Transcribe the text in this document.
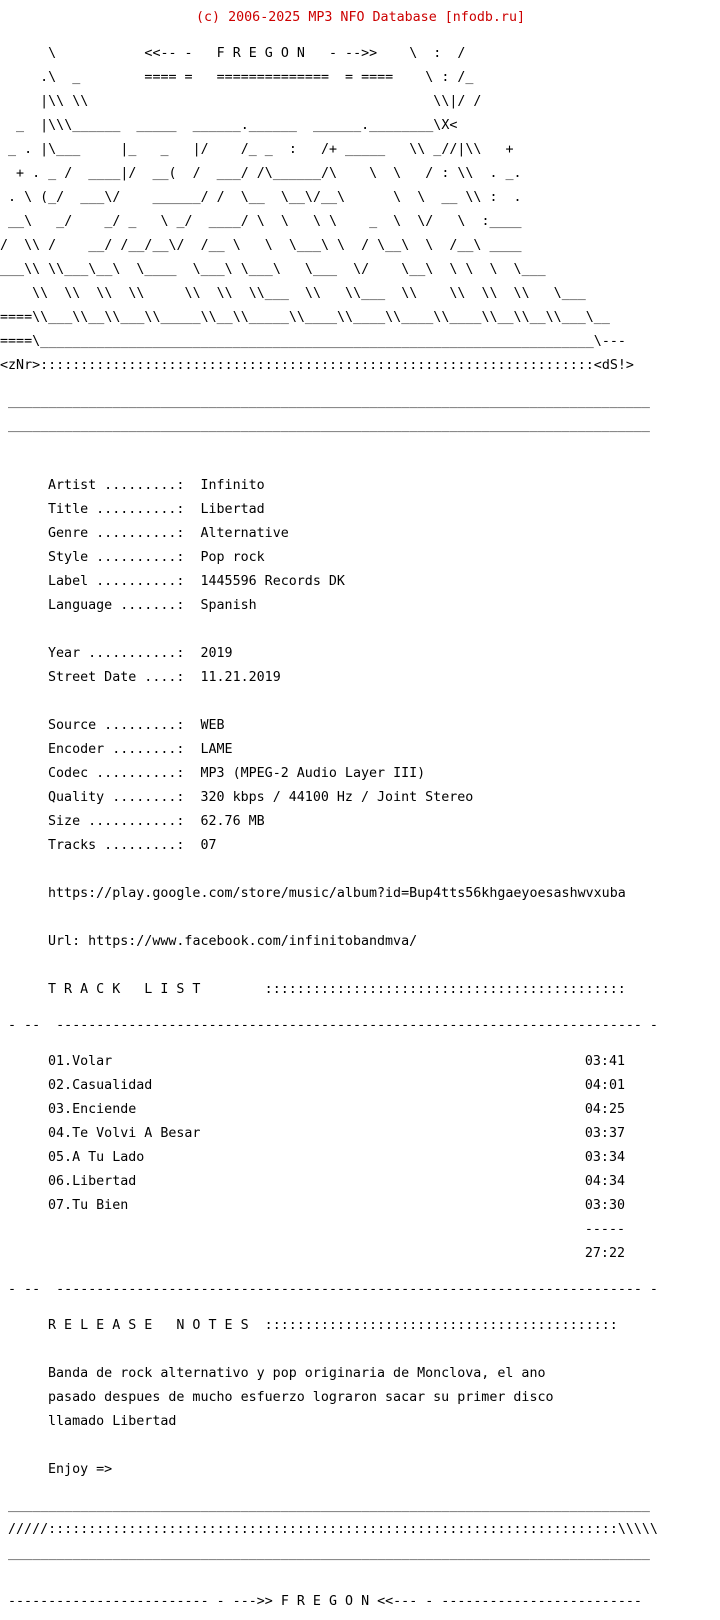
(c) 2006-2025 MP3 NFO Database [nfodb.ru]

\           <<-- -   F R E G O N   - -->>    \  :  /

.\  _        ==== =   ==============  = ====    \ : /_

|\\ \\                                           \\|/ /

_  |\\\______  _____  ______.______  ______.________\X<

_ . |\___     |_   _   |/    /_ _  :   /+ _____   \\ _//|\\   +

+ . _ /  ____|/  __(  /  ___/ /\______/\    \  \   / : \\  . _.

. \ (_/  ___\/    ______/ /  \__  \__\/__\      \  \  __ \\ :  .

__\   _/    _/ _   \ _/  ____/ \  \   \ \    _  \  \/   \  :____

/  \\ /    __/ /__/__\/  /__ \   \  \___\ \  / \__\  \  /__\ ____

___\\ \\___\__\  \____  \___\ \___\   \___  \/    \__\  \ \  \  \___

\\  \\  \\  \\     \\  \\  \\___  \\   \\___  \\    \\  \\  \\   \___

====\\___\\__\\___\\_____\\__\\_____\\____\\____\\____\\____\\__\\__\\___\__

====\_____________________________________________________________________\---

<zNr>:::::::::::::::::::::::::::::::::::::::::::::::::::::::::::::::::::::<dS!>

________________________________________________________________________________

________________________________________________________________________________

Artist .........: Infinito

Title ..........: Libertad

Genre ..........: Alternative

Style ..........: Pop rock

Label ..........: 1445596 Records DK

Language .......: Spanish

Year ...........: 2019

Street Date ....: 11.21.2019

Source .........: WEB

Encoder ........: LAME

Codec ..........: MP3 (MPEG-2 Audio Layer III)

Quality ........: 320 kbps / 44100 Hz / Joint Stereo

Size ...........: 62.76 MB

Tracks .........: 07

https://play.google.com/store/music/album?id=Bup4tts56khgaeyoesashwvxuba

Url: https://www.facebook.com/infinitobandmva/

T R A C K   L I S T	:::::::::::::::::::::::::::::::::::::::::::::

- --  ------------------------------------------------------------------------- -

01.Volar	03:41

02.Casualidad	04:01

03.Enciende	04:25

04.Te Volvi A Besar	03:37

05.A Tu Lado	03:34

06.Libertad	04:34

07.Tu Bien	03:30

-----

27:22

- --  ------------------------------------------------------------------------- -

R E L E A S E   N O T E S ::::::::::::::::::::::::::::::::::::::::::::

Banda de rock alternativo y pop originaria de Monclova, el ano

pasado despues de mucho esfuerzo lograron sacar su primer disco

llamado Libertad

Enjoy =>

________________________________________________________________________________

/////:::::::::::::::::::::::::::::::::::::::::::::::::::::::::::::::::::::::\\\\\

________________________________________________________________________________

------------------------- - --->> F R E G O N <<--- - -------------------------
